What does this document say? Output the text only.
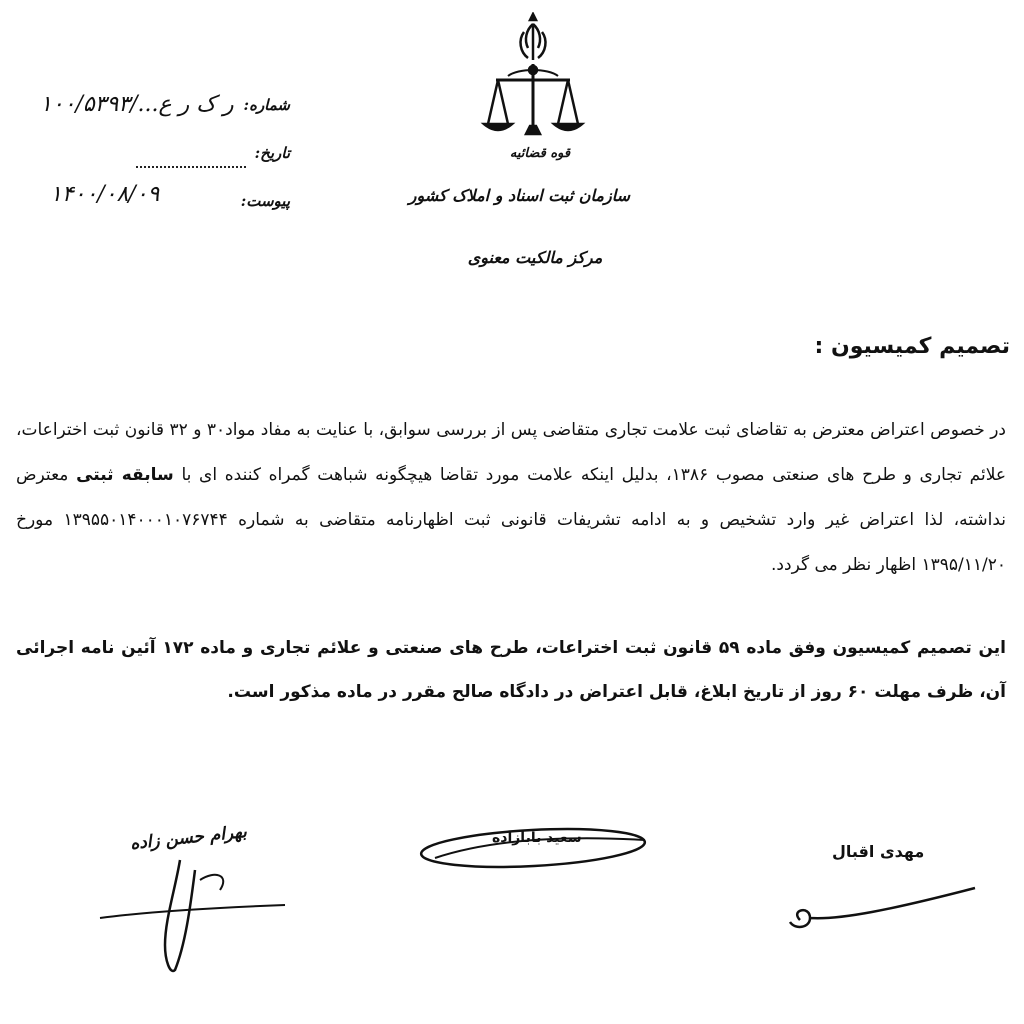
قوه قضائیه
سازمان ثبت اسناد و املاک کشور
مرکز مالکیت معنوی
شماره:
۱۰۰/۵۳۹۳/...ر ک ر ع
تاریخ:
پیوست:
۱۴۰۰/۰۸/۰۹
تصمیم کمیسیون :
در خصوص اعتراض معترض به تقاضای ثبت علامت تجاری متقاضی پس از بررسی سوابق، با عنایت به مفاد مواد۳۰ و ۳۲ قانون ثبت اختراعات، علائم تجاری و طرح های صنعتی مصوب ۱۳۸۶، بدلیل اینکه علامت مورد تقاضا هیچگونه شباهت گمراه کننده ای با سابقه ثبتی معترض نداشته، لذا اعتراض غیر وارد تشخیص و به ادامه تشریفات قانونی ثبت اظهارنامه متقاضی به شماره ۱۳۹۵۵۰۱۴۰۰۰۱۰۷۶۷۴۴ مورخ ۱۳۹۵/۱۱/۲۰ اظهار نظر می گردد.
این تصمیم کمیسیون وفق ماده ۵۹ قانون ثبت اختراعات، طرح های صنعتی و علائم تجاری و ماده ۱۷۲ آئین نامه اجرائی آن، ظرف مهلت ۶۰ روز از تاریخ ابلاغ، قابل اعتراض در دادگاه صالح مقرر در ماده مذکور است.
مهدی اقبال
سعید بابازاده
بهرام حسن زاده
